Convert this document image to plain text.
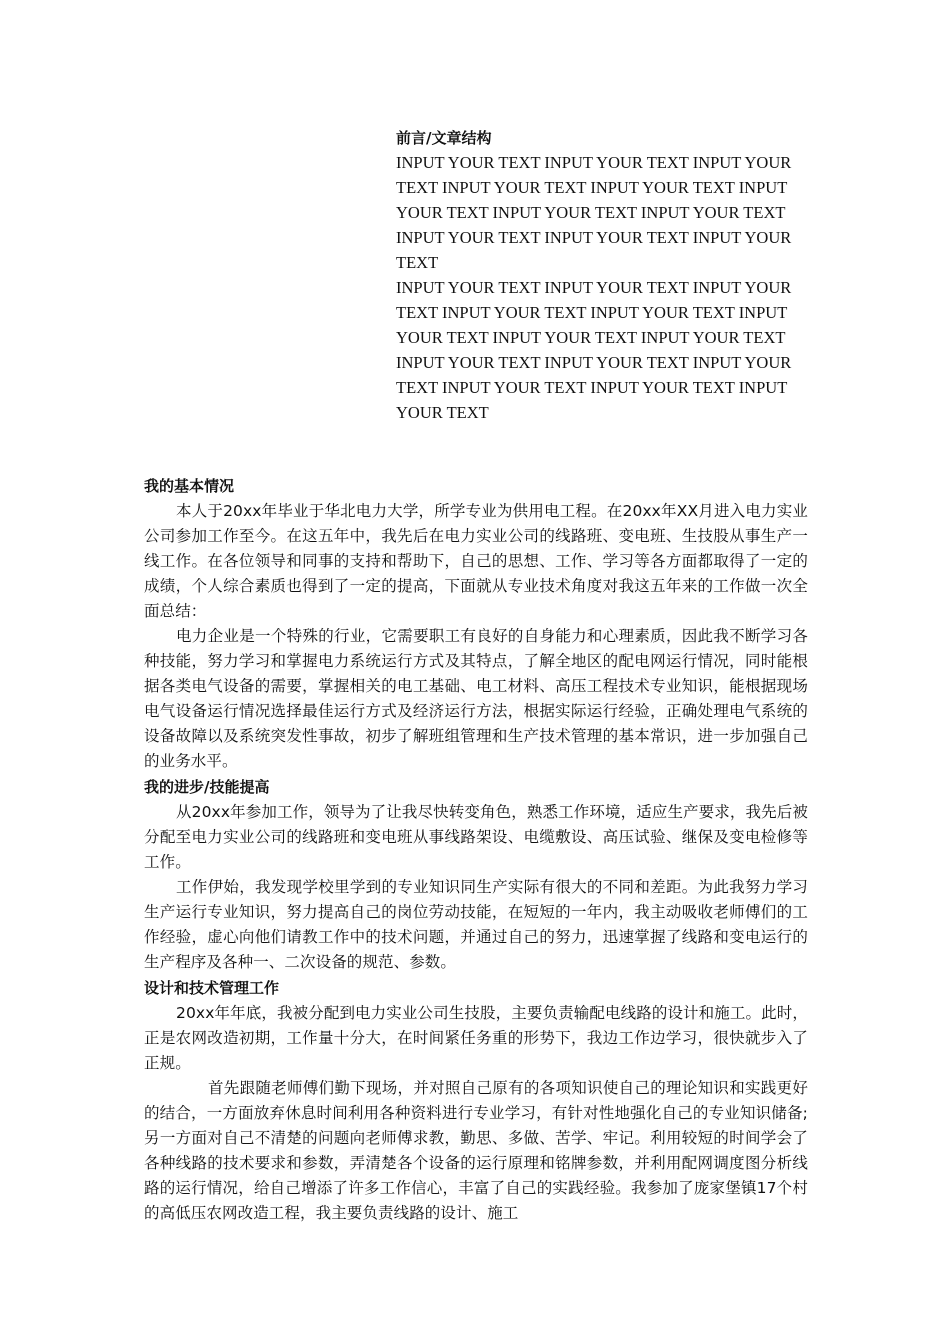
前言/文章结构

INPUT YOUR TEXT INPUT YOUR TEXT INPUT YOUR TEXT INPUT YOUR TEXT INPUT YOUR TEXT INPUT YOUR TEXT INPUT YOUR TEXT INPUT YOUR TEXT INPUT YOUR TEXT INPUT YOUR TEXT INPUT YOUR TEXT

INPUT YOUR TEXT INPUT YOUR TEXT INPUT YOUR TEXT INPUT YOUR TEXT INPUT YOUR TEXT INPUT YOUR TEXT INPUT YOUR TEXT INPUT YOUR TEXT INPUT YOUR TEXT INPUT YOUR TEXT INPUT YOUR TEXT INPUT YOUR TEXT INPUT YOUR TEXT INPUT YOUR TEXT

我的基本情况

本人于20xx年毕业于华北电力大学，所学专业为供用电工程。在20xx年XX月进入电力实业公司参加工作至今。在这五年中，我先后在电力实业公司的线路班、变电班、生技股从事生产一线工作。在各位领导和同事的支持和帮助下，自己的思想、工作、学习等各方面都取得了一定的成绩，个人综合素质也得到了一定的提高，下面就从专业技术角度对我这五年来的工作做一次全面总结：

电力企业是一个特殊的行业，它需要职工有良好的自身能力和心理素质，因此我不断学习各种技能，努力学习和掌握电力系统运行方式及其特点，了解全地区的配电网运行情况，同时能根据各类电气设备的需要，掌握相关的电工基础、电工材料、高压工程技术专业知识，能根据现场电气设备运行情况选择最佳运行方式及经济运行方法，根据实际运行经验，正确处理电气系统的设备故障以及系统突发性事故，初步了解班组管理和生产技术管理的基本常识，进一步加强自己的业务水平。

我的进步/技能提高

从20xx年参加工作，领导为了让我尽快转变角色，熟悉工作环境，适应生产要求，我先后被分配至电力实业公司的线路班和变电班从事线路架设、电缆敷设、高压试验、继保及变电检修等工作。

工作伊始，我发现学校里学到的专业知识同生产实际有很大的不同和差距。为此我努力学习生产运行专业知识，努力提高自己的岗位劳动技能，在短短的一年内，我主动吸收老师傅们的工作经验，虚心向他们请教工作中的技术问题，并通过自己的努力，迅速掌握了线路和变电运行的生产程序及各种一、二次设备的规范、参数。

设计和技术管理工作

20xx年年底，我被分配到电力实业公司生技股，主要负责输配电线路的设计和施工。此时，正是农网改造初期，工作量十分大，在时间紧任务重的形势下，我边工作边学习，很快就步入了正规。

首先跟随老师傅们勤下现场，并对照自己原有的各项知识使自己的理论知识和实践更好的结合，一方面放弃休息时间利用各种资料进行专业学习，有针对性地强化自己的专业知识储备;另一方面对自己不清楚的问题向老师傅求教，勤思、多做、苦学、牢记。利用较短的时间学会了各种线路的技术要求和参数，弄清楚各个设备的运行原理和铭牌参数，并利用配网调度图分析线路的运行情况，给自己增添了许多工作信心，丰富了自己的实践经验。我参加了庞家堡镇17个村的高低压农网改造工程，我主要负责线路的设计、施工
